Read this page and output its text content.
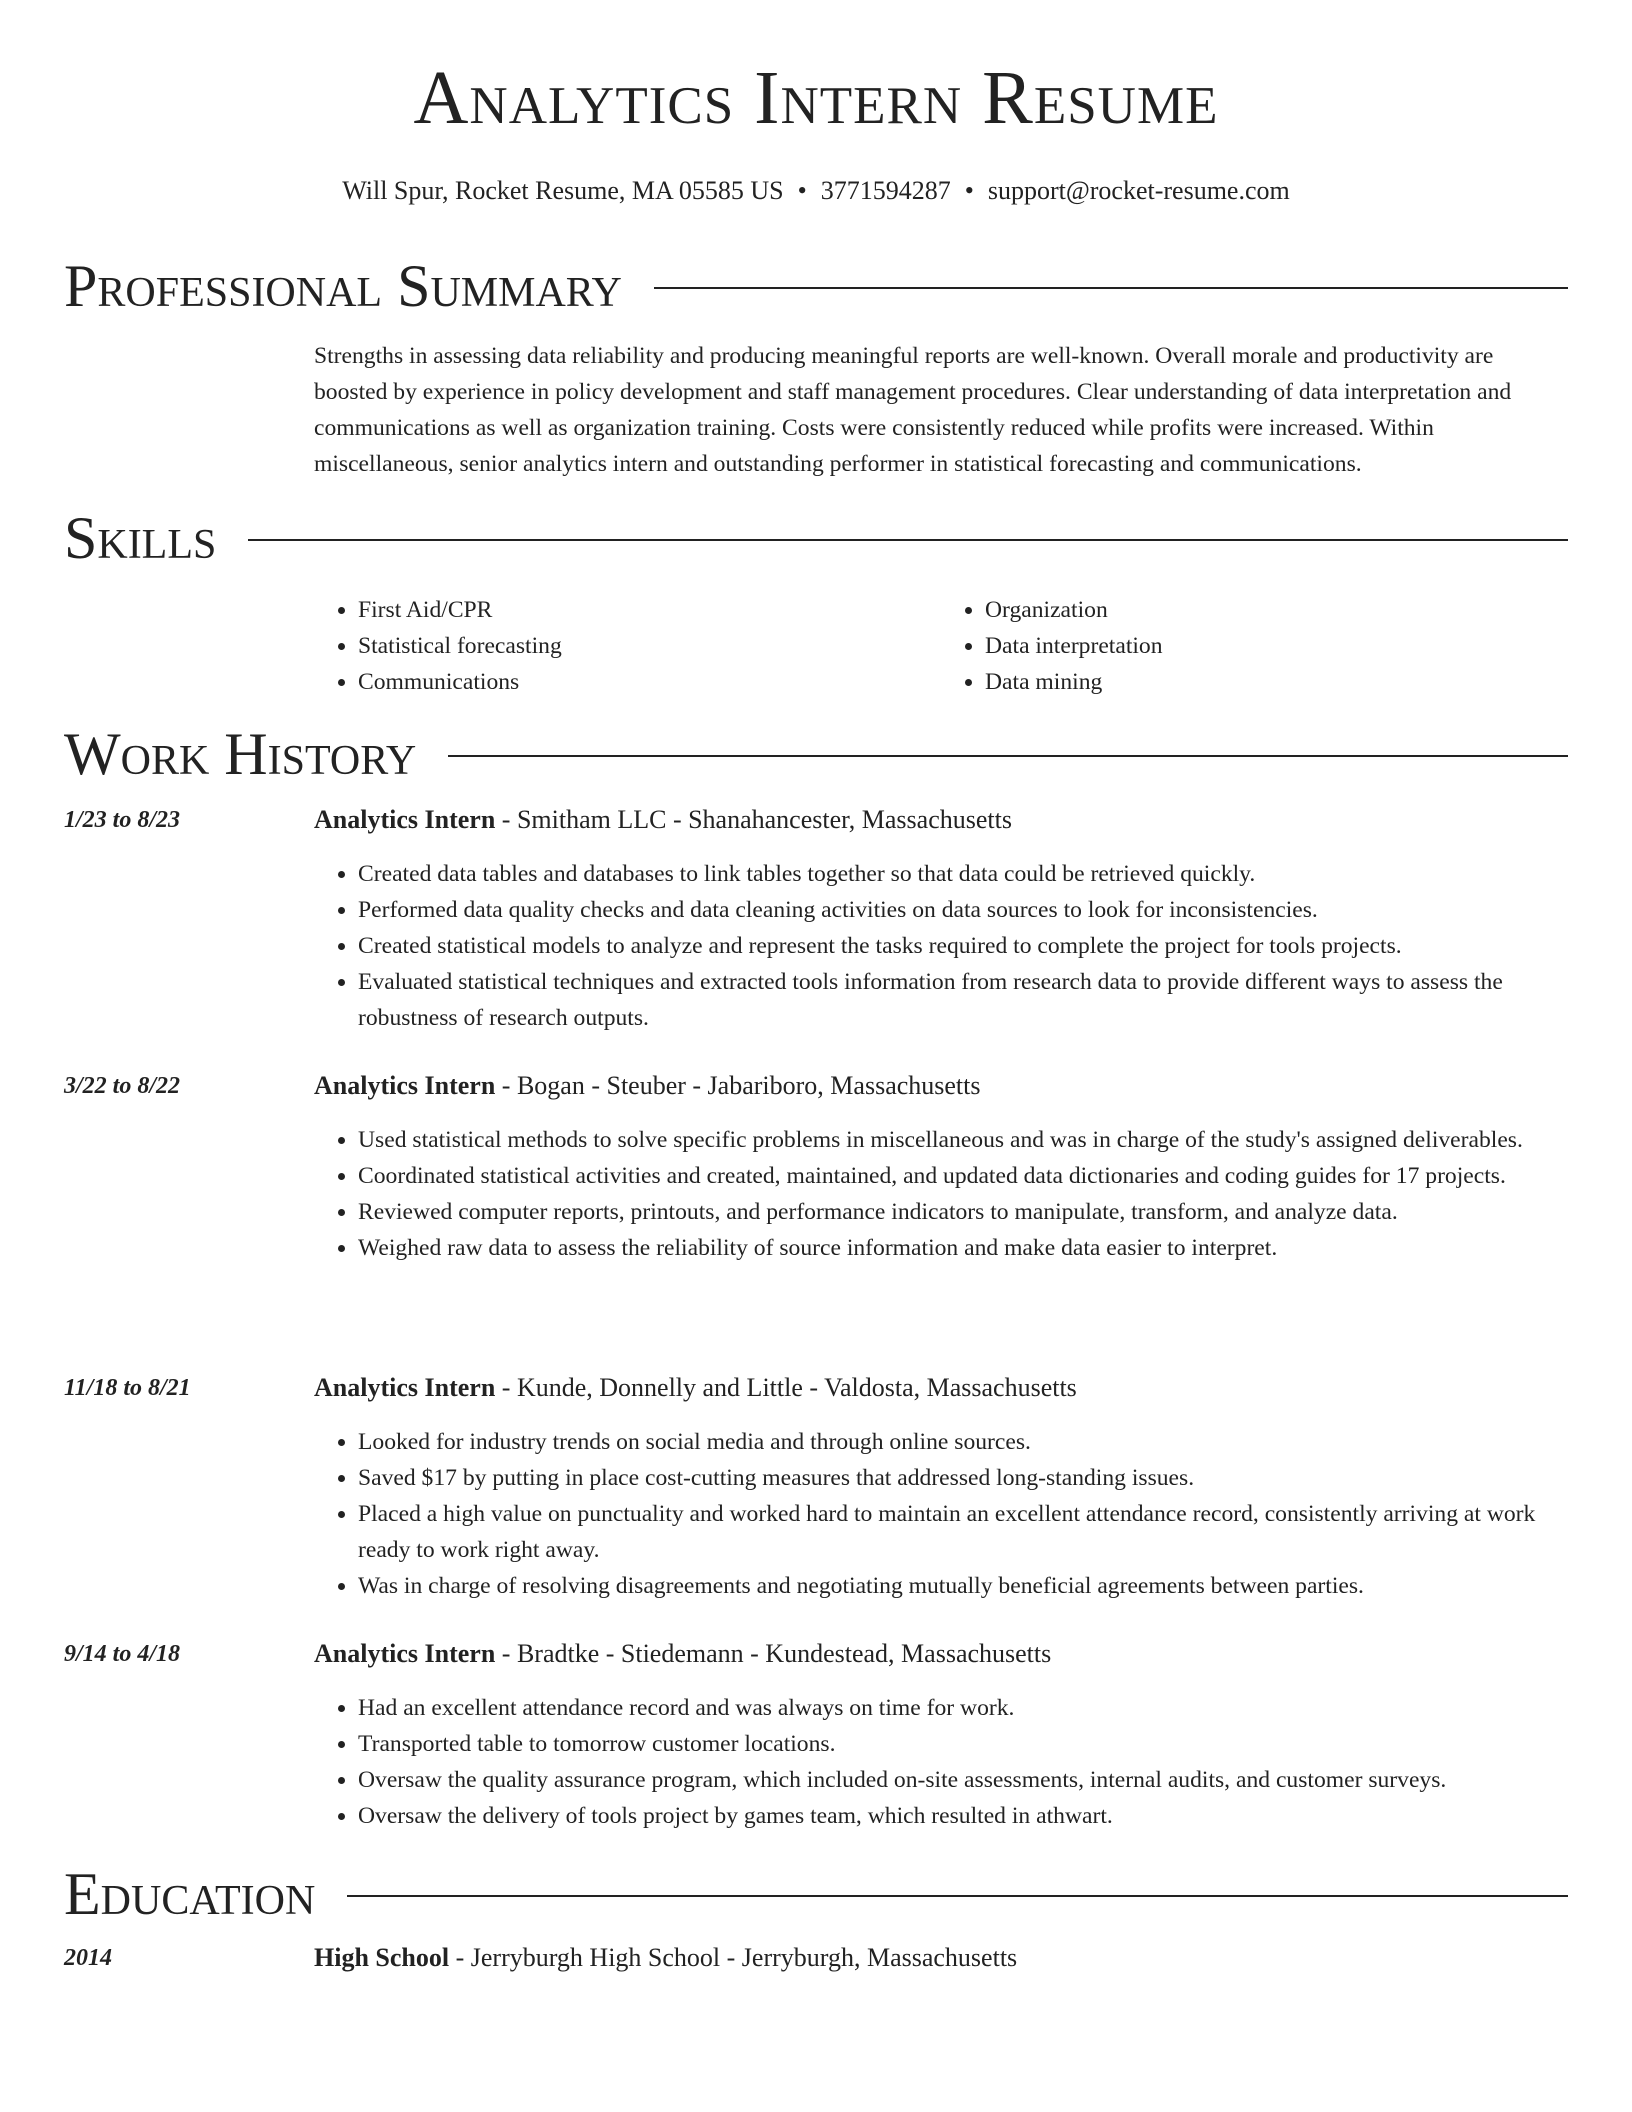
Analytics Intern Resume
Will Spur, Rocket Resume, MA 05585 US • 3771594287 • support@rocket-resume.com
Professional Summary

Strengths in assessing data reliability and producing meaningful reports are well-known. Overall morale and productivity are boosted by experience in policy development and staff management procedures. Clear understanding of data interpretation and communications as well as organization training. Costs were consistently reduced while profits were increased. Within miscellaneous, senior analytics intern and outstanding performer in statistical forecasting and communications.

Skills
• First Aid/CPR
• Statistical forecasting
• Communications
• Organization
• Data interpretation
• Data mining
Work History
1/23 to 8/23	Analytics Intern - Smitham LLC - Shanahancester, Massachusetts
• Created data tables and databases to link tables together so that data could be retrieved quickly.
• Performed data quality checks and data cleaning activities on data sources to look for inconsistencies.
• Created statistical models to analyze and represent the tasks required to complete the project for tools projects.
• Evaluated statistical techniques and extracted tools information from research data to provide different ways to assess the robustness of research outputs.
3/22 to 8/22	Analytics Intern - Bogan - Steuber - Jabariboro, Massachusetts
• Used statistical methods to solve specific problems in miscellaneous and was in charge of the study's assigned deliverables.
• Coordinated statistical activities and created, maintained, and updated data dictionaries and coding guides for 17 projects.
• Reviewed computer reports, printouts, and performance indicators to manipulate, transform, and analyze data.
• Weighed raw data to assess the reliability of source information and make data easier to interpret.
11/18 to 8/21	Analytics Intern - Kunde, Donnelly and Little - Valdosta, Massachusetts
• Looked for industry trends on social media and through online sources.
• Saved $17 by putting in place cost-cutting measures that addressed long-standing issues.
• Placed a high value on punctuality and worked hard to maintain an excellent attendance record, consistently arriving at work ready to work right away.
• Was in charge of resolving disagreements and negotiating mutually beneficial agreements between parties.
9/14 to 4/18	Analytics Intern - Bradtke - Stiedemann - Kundestead, Massachusetts
• Had an excellent attendance record and was always on time for work.
• Transported table to tomorrow customer locations.
• Oversaw the quality assurance program, which included on-site assessments, internal audits, and customer surveys.
• Oversaw the delivery of tools project by games team, which resulted in athwart.
Education
2014	High School - Jerryburgh High School - Jerryburgh, Massachusetts
